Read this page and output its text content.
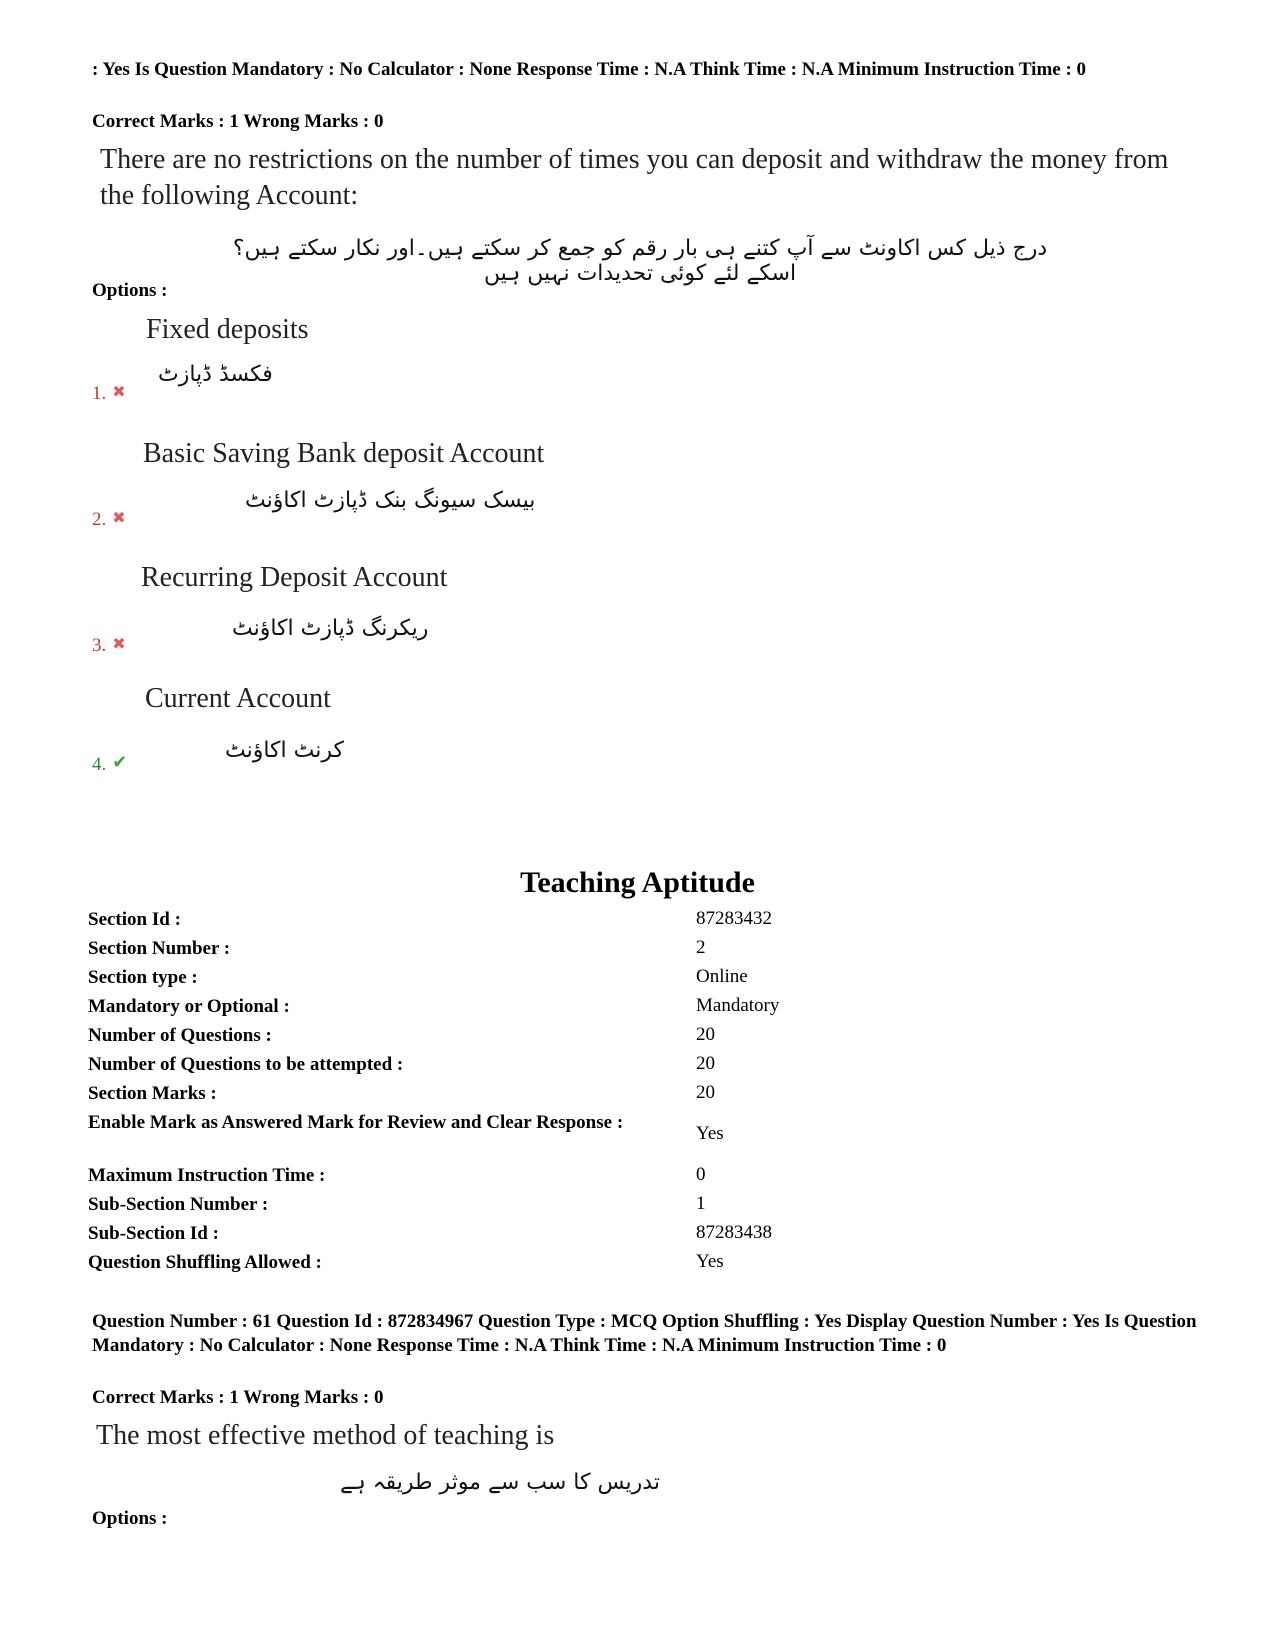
: Yes Is Question Mandatory : No Calculator : None Response Time : N.A Think Time : N.A Minimum Instruction Time : 0
Correct Marks : 1 Wrong Marks : 0
There are no restrictions on the number of times you can deposit and withdraw the money from the following Account:
درج ذیل کس اکاونٹ سے آپ کتنے ہی بار رقم کو جمع کر سکتے ہیں۔اور نکار سکتے ہیں؟اسکے لئے کوئی تحدیدات نہیں ہیں
Options :
Fixed deposits
فکسڈ ڈپازٹ
1. ✖
Basic Saving Bank deposit Account
بیسک سیونگ بنک ڈپازٹ اکاؤنٹ
2. ✖
Recurring Deposit Account
ریکرنگ ڈپازٹ اکاؤنٹ
3. ✖
Current Account
کرنٹ اکاؤنٹ
4. ✔
Teaching Aptitude
Section Id :	87283432
Section Number :	2
Section type :	Online
Mandatory or Optional :	Mandatory
Number of Questions :	20
Number of Questions to be attempted :	20
Section Marks :	20
Enable Mark as Answered Mark for Review and Clear Response :
Yes
Maximum Instruction Time :	0
Sub-Section Number :	1
Sub-Section Id :	87283438
Question Shuffling Allowed :	Yes
Question Number : 61 Question Id : 872834967 Question Type : MCQ Option Shuffling : Yes Display Question Number : Yes Is Question Mandatory : No Calculator : None Response Time : N.A Think Time : N.A Minimum Instruction Time : 0
Correct Marks : 1 Wrong Marks : 0
The most effective method of teaching is
تدریس کا سب سے موثر طریقہ ہے
Options :
